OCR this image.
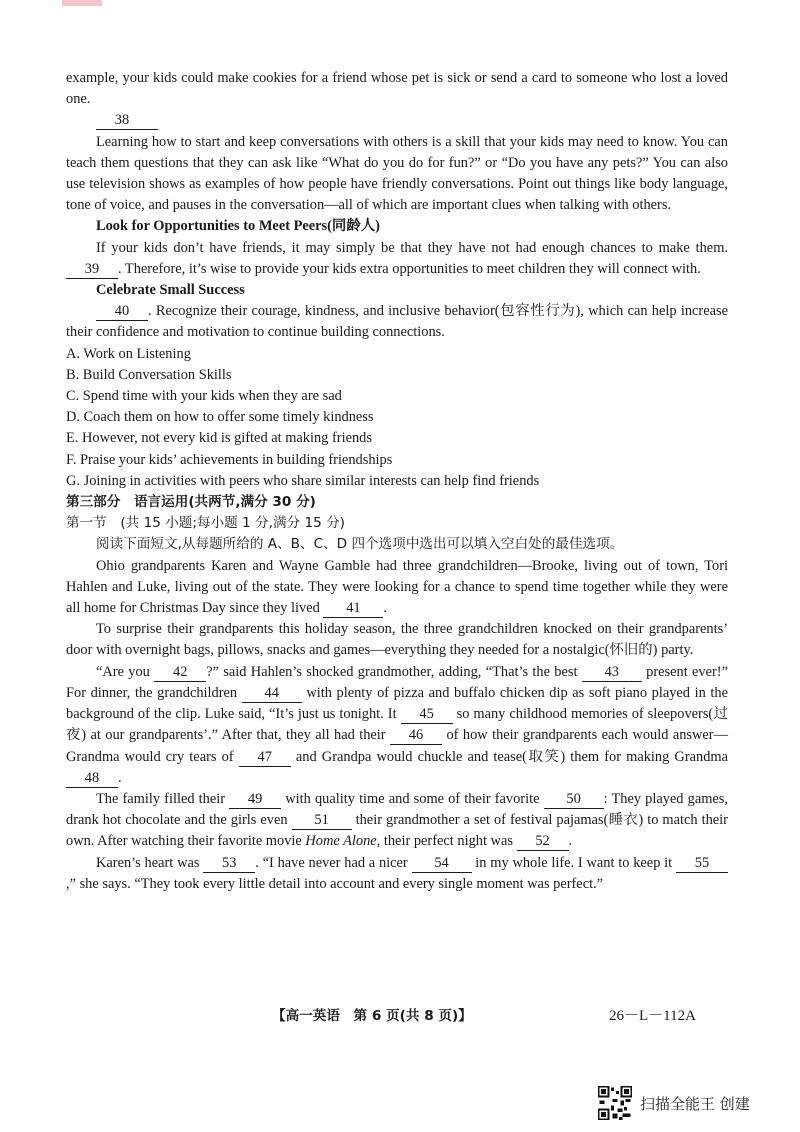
example, your kids could make cookies for a friend whose pet is sick or send a card to someone who lost a loved one.

38

Learning how to start and keep conversations with others is a skill that your kids may need to know. You can teach them questions that they can ask like “What do you do for fun?” or “Do you have any pets?” You can also use television shows as examples of how people have friendly conversations. Point out things like body language, tone of voice, and pauses in the conversation—all of which are important clues when talking with others.

Look for Opportunities to Meet Peers(同龄人)

If your kids don’t have friends, it may simply be that they have not had enough chances to make them. 39 . Therefore, it’s wise to provide your kids extra opportunities to meet children they will connect with.

Celebrate Small Success

40 . Recognize their courage, kindness, and inclusive behavior(包容性行为), which can help increase their confidence and motivation to continue building connections.

A. Work on Listening

B. Build Conversation Skills

C. Spend time with your kids when they are sad

D. Coach them on how to offer some timely kindness

E. However, not every kid is gifted at making friends

F. Praise your kids’ achievements in building friendships

G. Joining in activities with peers who share similar interests can help find friends

第三部分　语言运用(共两节,满分 30 分)

第一节　(共 15 小题;每小题 1 分,满分 15 分)

阅读下面短文,从每题所给的 A、B、C、D 四个选项中选出可以填入空白处的最佳选项。

Ohio grandparents Karen and Wayne Gamble had three grandchildren—Brooke, living out of town, Tori Hahlen and Luke, living out of the state. They were looking for a chance to spend time together while they were all home for Christmas Day since they lived 41 .

To surprise their grandparents this holiday season, the three grandchildren knocked on their grandparents’ door with overnight bags, pillows, snacks and games—everything they needed for a nostalgic(怀旧的) party.

“Are you 42 ?” said Hahlen’s shocked grandmother, adding, “That’s the best 43 present ever!” For dinner, the grandchildren 44 with plenty of pizza and buffalo chicken dip as soft piano played in the background of the clip. Luke said, “It’s just us tonight. It 45 so many childhood memories of sleepovers(过夜) at our grandparents’.” After that, they all had their 46 of how their grandparents each would answer—Grandma would cry tears of 47 and Grandpa would chuckle and tease(取笑) them for making Grandma 48 .

The family filled their 49 with quality time and some of their favorite 50 : They played games, drank hot chocolate and the girls even 51 their grandmother a set of festival pajamas(睡衣) to match their own. After watching their favorite movie Home Alone, their perfect night was 52 .

Karen’s heart was 53 . “I have never had a nicer 54 in my whole life. I want to keep it 55,” she says. “They took every little detail into account and every single moment was perfect.”

【高一英语　第 6 页(共 8 页)】	26－L－112A
扫描全能王 创建
